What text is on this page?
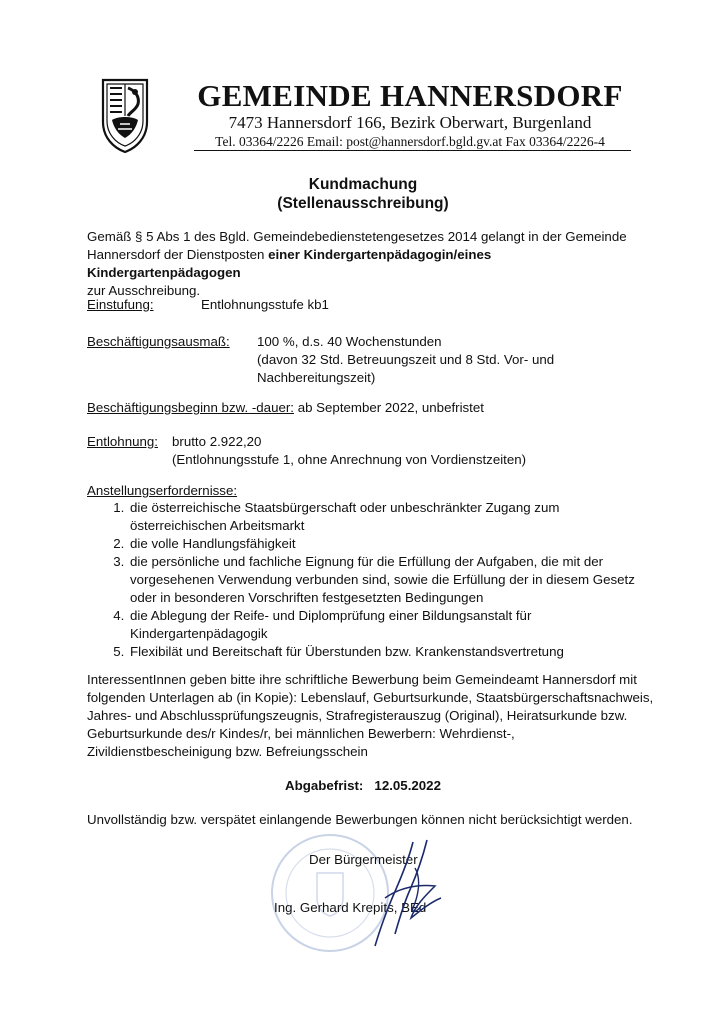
GEMEINDE HANNERSDORF
7473 Hannersdorf 166, Bezirk Oberwart, Burgenland
Tel. 03364/2226 Email: post@hannersdorf.bgld.gv.at Fax 03364/2226-4
Kundmachung
(Stellenausschreibung)
Gemäß § 5 Abs 1 des Bgld. Gemeindebedienstetengesetzes 2014 gelangt in der Gemeinde
Hannersdorf der Dienstposten einer Kindergartenpädagogin/eines Kindergartenpädagogen
zur Ausschreibung.
Einstufung:	Entlohnungsstufe kb1
Beschäftigungsausmaß: 100 %, d.s. 40 Wochenstunden
(davon 32 Std. Betreuungszeit und 8 Std. Vor- und
Nachbereitungszeit)
Beschäftigungsbeginn bzw. -dauer: ab September 2022, unbefristet
Entlohnung: brutto 2.922,20
(Entlohnungsstufe 1, ohne Anrechnung von Vordienstzeiten)
Anstellungserfordernisse:
1. die österreichische Staatsbürgerschaft oder unbeschränkter Zugang zum
österreichischen Arbeitsmarkt
2. die volle Handlungsfähigkeit
3. die persönliche und fachliche Eignung für die Erfüllung der Aufgaben, die mit der
vorgesehenen Verwendung verbunden sind, sowie die Erfüllung der in diesem Gesetz
oder in besonderen Vorschriften festgesetzten Bedingungen
4. die Ablegung der Reife- und Diplomprüfung einer Bildungsanstalt für
Kindergartenpädagogik
5. Flexibilät und Bereitschaft für Überstunden bzw. Krankenstandsvertretung
InteressentInnen geben bitte ihre schriftliche Bewerbung beim Gemeindeamt Hannersdorf mit
folgenden Unterlagen ab (in Kopie): Lebenslauf, Geburtsurkunde, Staatsbürgerschaftsnachweis,
Jahres- und Abschlussprüfungszeugnis, Strafregisterauszug (Original), Heiratsurkunde bzw.
Geburtsurkunde des/r Kindes/r, bei männlichen Bewerbern: Wehrdienst-,
Zivildienstbescheinigung bzw. Befreiungsschein
Abgabefrist: 12.05.2022
Unvollständig bzw. verspätet einlangende Bewerbungen können nicht berücksichtigt werden.
Der Bürgermeister
Ing. Gerhard Krepits, BEd
